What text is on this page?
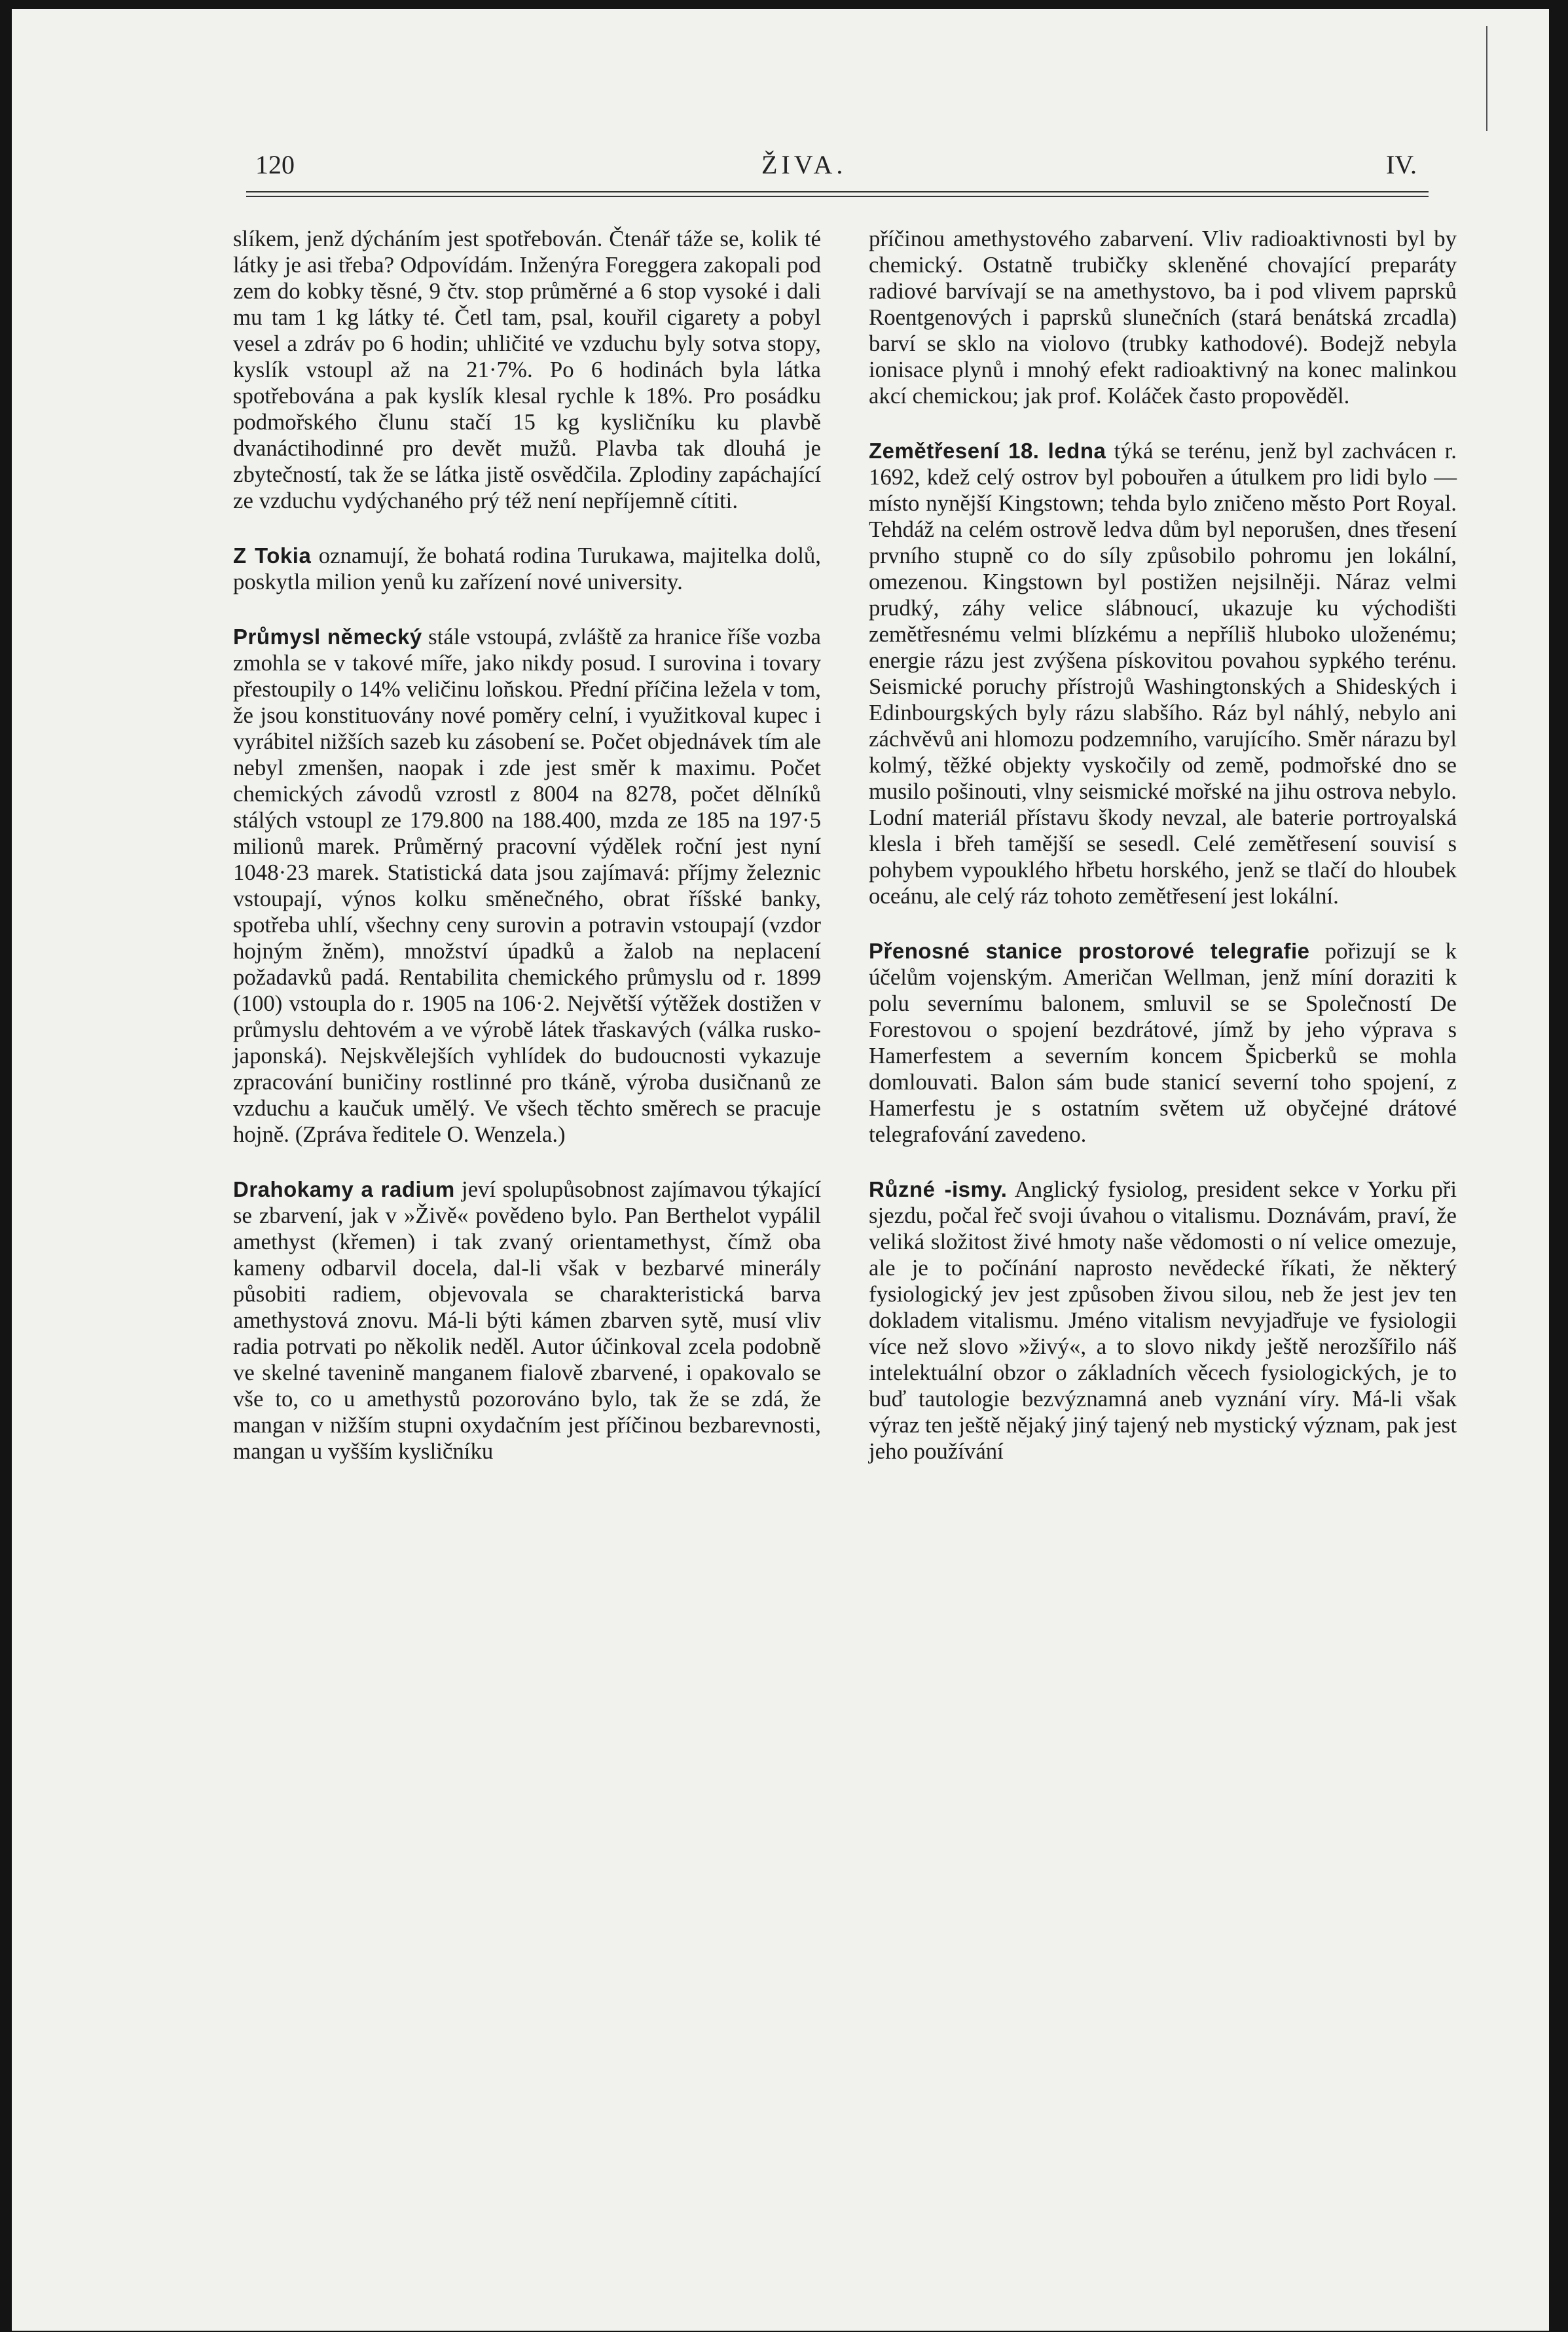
120	ŽIVA.	IV.

slíkem, jenž dýcháním jest spotřebován. Čtenář táže se, kolik té látky je asi třeba? Odpovídám. Inženýra Foreggera zakopali pod zem do kobky těsné, 9 čtv. stop průměrné a 6 stop vysoké i dali mu tam 1 kg látky té. Četl tam, psal, kouřil cigarety a pobyl vesel a zdráv po 6 hodin; uhličité ve vzduchu byly sotva stopy, kyslík vstoupl až na 21·7%. Po 6 hodinách byla látka spotřebována a pak kyslík klesal rychle k 18%. Pro posádku podmořského člunu stačí 15 kg kysličníku ku plavbě dvanáctihodinné pro devět mužů. Plavba tak dlouhá je zbytečností, tak že se látka jistě osvědčila. Zplodiny zapáchající ze vzduchu vydýchaného prý též není nepříjemně cítiti.

Z Tokia oznamují, že bohatá rodina Turukawa, majitelka dolů, poskytla milion yenů ku zařízení nové university.

Průmysl německý stále vstoupá, zvláště za hranice říše vozba zmohla se v takové míře, jako nikdy posud. I surovina i tovary přestoupily o 14% veličinu loňskou. Přední příčina ležela v tom, že jsou konstituovány nové poměry celní, i využitkoval kupec i vyrábitel nižších sazeb ku zásobení se. Počet objednávek tím ale nebyl zmenšen, naopak i zde jest směr k maximu. Počet chemických závodů vzrostl z 8004 na 8278, počet dělníků stálých vstoupl ze 179.800 na 188.400, mzda ze 185 na 197·5 milionů marek. Průměrný pracovní výdělek roční jest nyní 1048·23 marek. Statistická data jsou zajímavá: příjmy železnic vstoupají, výnos kolku směnečného, obrat říšské banky, spotřeba uhlí, všechny ceny surovin a potravin vstoupají (vzdor hojným žněm), množství úpadků a žalob na neplacení požadavků padá. Rentabilita chemického průmyslu od r. 1899 (100) vstoupla do r. 1905 na 106·2. Největší výtěžek dostižen v průmyslu dehtovém a ve výrobě látek třaskavých (válka rusko-japonská). Nejskvělejších vyhlídek do budoucnosti vykazuje zpracování buničiny rostlinné pro tkáně, výroba dusičnanů ze vzduchu a kaučuk umělý. Ve všech těchto směrech se pracuje hojně. (Zpráva ředitele O. Wenzela.)

Drahokamy a radium jeví spolupůsobnost zajímavou týkající se zbarvení, jak v »Živě« povědeno bylo. Pan Berthelot vypálil amethyst (křemen) i tak zvaný orientamethyst, čímž oba kameny odbarvil docela, dal-li však v bezbarvé minerály působiti radiem, objevovala se charakteristická barva amethystová znovu. Má-li býti kámen zbarven sytě, musí vliv radia potrvati po několik neděl. Autor účinkoval zcela podobně ve skelné tavenině manganem fialově zbarvené, i opakovalo se vše to, co u amethystů pozorováno bylo, tak že se zdá, že mangan v nižším stupni oxydačním jest příčinou bezbarevnosti, mangan u vyšším kysličníku

příčinou amethystového zabarvení. Vliv radioaktivnosti byl by chemický. Ostatně trubičky skleněné chovající preparáty radiové barvívají se na amethystovo, ba i pod vlivem paprsků Roentgenových i paprsků slunečních (stará benátská zrcadla) barví se sklo na violovo (trubky kathodové). Bodejž nebyla ionisace plynů i mnohý efekt radioaktivný na konec malinkou akcí chemickou; jak prof. Koláček často propověděl.

Zemětřesení 18. ledna týká se terénu, jenž byl zachvácen r. 1692, kdež celý ostrov byl pobouřen a útulkem pro lidi bylo — místo nynější Kingstown; tehda bylo zničeno město Port Royal. Tehdáž na celém ostrově ledva dům byl neporušen, dnes třesení prvního stupně co do síly způsobilo pohromu jen lokální, omezenou. Kingstown byl postižen nejsilněji. Náraz velmi prudký, záhy velice slábnoucí, ukazuje ku východišti zemětřesnému velmi blízkému a nepříliš hluboko uloženému; energie rázu jest zvýšena pískovitou povahou sypkého terénu. Seismické poruchy přístrojů Washingtonských a Shideských i Edinbourgských byly rázu slabšího. Ráz byl náhlý, nebylo ani záchvěvů ani hlomozu podzemního, varujícího. Směr nárazu byl kolmý, těžké objekty vyskočily od země, podmořské dno se musilo pošinouti, vlny seismické mořské na jihu ostrova nebylo. Lodní materiál přístavu škody nevzal, ale baterie portroyalská klesla i břeh tamější se sesedl. Celé zemětřesení souvisí s pohybem vypouklého hřbetu horského, jenž se tlačí do hloubek oceánu, ale celý ráz tohoto zemětřesení jest lokální.

Přenosné stanice prostorové telegrafie pořizují se k účelům vojenským. Američan Wellman, jenž míní doraziti k polu severnímu balonem, smluvil se se Společností De Forestovou o spojení bezdrátové, jímž by jeho výprava s Hamerfestem a severním koncem Špicberků se mohla domlouvati. Balon sám bude stanicí severní toho spojení, z Hamerfestu je s ostatním světem už obyčejné drátové telegrafování zavedeno.

Různé -ismy. Anglický fysiolog, president sekce v Yorku při sjezdu, počal řeč svoji úvahou o vitalismu. Doznávám, praví, že veliká složitost živé hmoty naše vědomosti o ní velice omezuje, ale je to počínání naprosto nevědecké říkati, že některý fysiologický jev jest způsoben živou silou, neb že jest jev ten dokladem vitalismu. Jméno vitalism nevyjadřuje ve fysiologii více než slovo »živý«, a to slovo nikdy ještě nerozšířilo náš intelektuální obzor o základních věcech fysiologických, je to buď tautologie bezvýznamná aneb vyznání víry. Má-li však výraz ten ještě nějaký jiný tajený neb mystický význam, pak jest jeho používání
